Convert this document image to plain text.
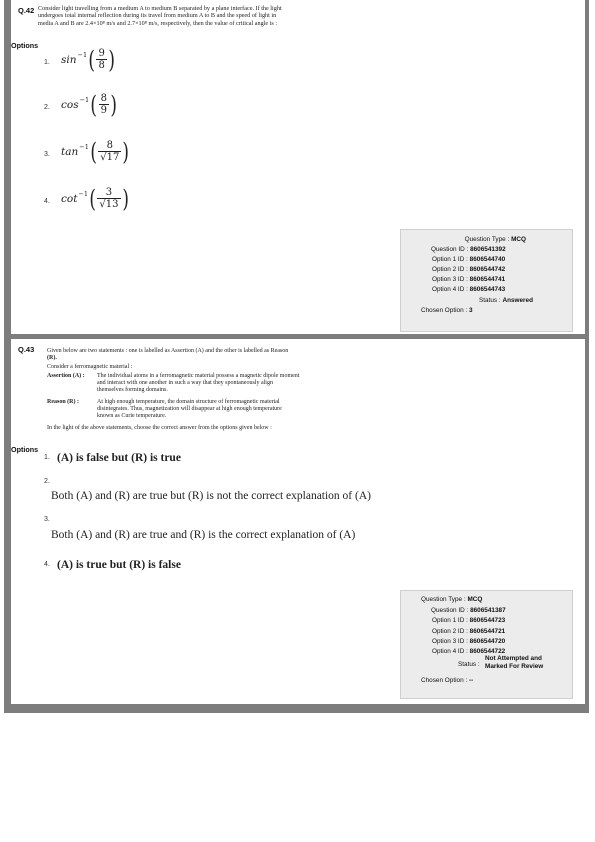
Q.42 Consider light travelling from a medium A to medium B separated by a plane interface. If the light
undergoes total internal reflection during its travel from medium A to B and the speed of light in
media A and B are 2.4×10⁸ m/s and 2.7×10⁸ m/s, respectively, then the value of critical angle is :
Options
1. $\sin^{-1}$ ( $\frac{9}{8}$ )
2. $\cos^{-1}$ ( $\frac{8}{9}$ )
3. $\tan^{-1}$ ( $\frac{8}{√17}$ )
4. $\cot^{-1}$ ( $\frac{3}{√13}$ )
Question Type : MCQ
Question ID : 8606541392
Option 1 ID : 8606544740
Option 2 ID : 8606544742
Option 3 ID : 8606544741
Option 4 ID : 8606544743
Status : Answered
Chosen Option : 3
Q.43 Given below are two statements : one is labelled as Assertion (A) and the other is labelled as Reason
(R).
Consider a ferromagnetic material :
Assertion (A) : The individual atoms in a ferromagnetic material possess a magnetic dipole moment
and interact with one another in such a way that they spontaneously align
themselves forming domains.
Reason (R) :	At high enough temperature, the domain structure of ferromagnetic material
disintegrates. Thus, magnetization will disappear at high enough temperature
known as Curie temperature.
In the light of the above statements, choose the correct answer from the options given below :
Options
1. (A) is false but (R) is true
2.
Both (A) and (R) are true but (R) is not the correct explanation of (A)
3.
Both (A) and (R) are true and (R) is the correct explanation of (A)
4. (A) is true but (R) is false
Question Type : MCQ
Question ID : 8606541387
Option 1 ID : 8606544723
Option 2 ID : 8606544721
Option 3 ID : 8606544720
Option 4 ID : 8606544722
Status :
Not Attempted and
Marked For Review
Chosen Option : --
